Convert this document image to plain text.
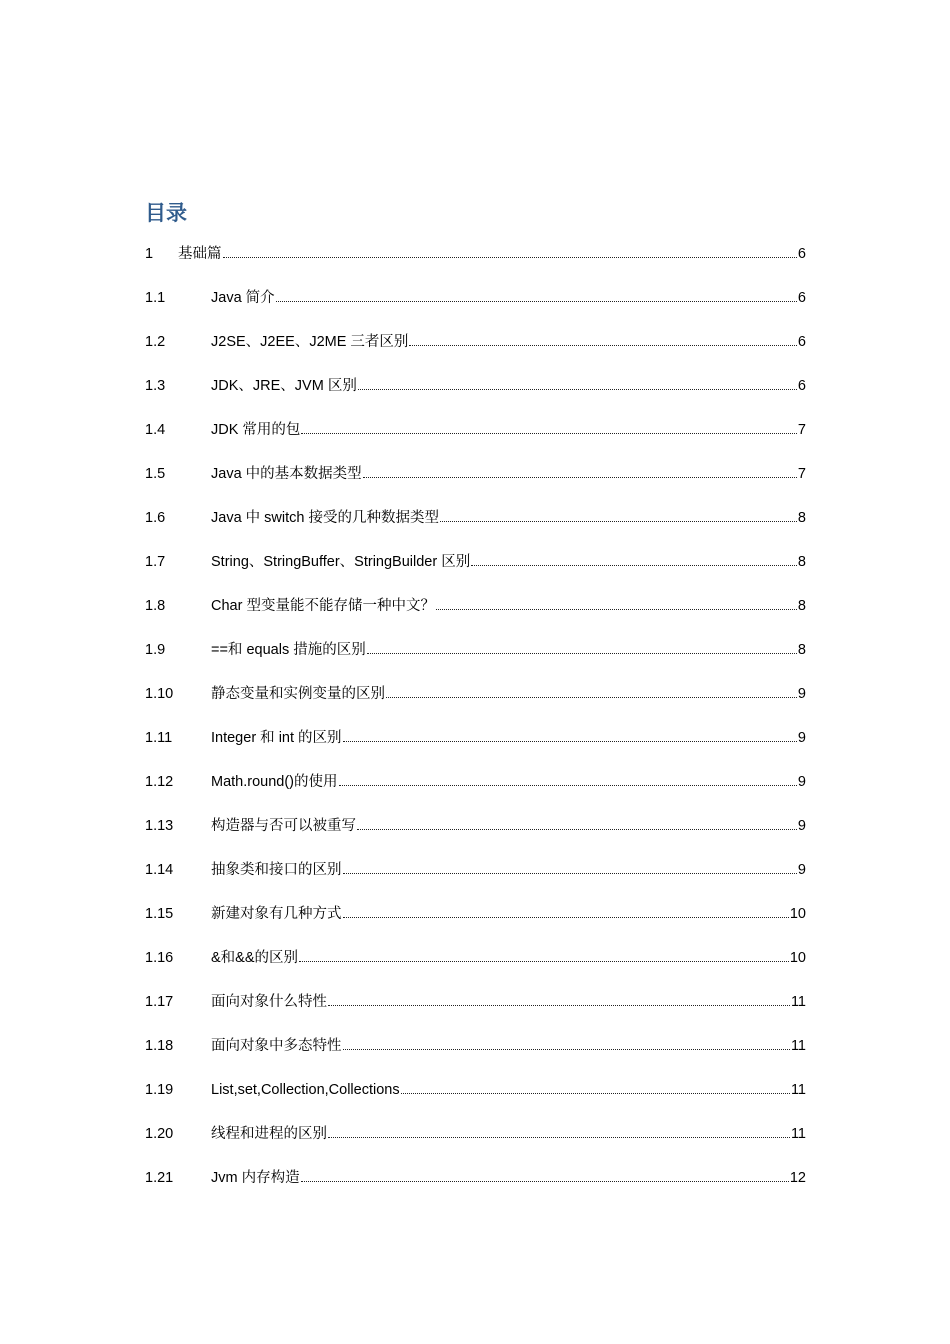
目录
1	基础篇	6
1.1	Java 简介	6
1.2	J2SE、J2EE、J2ME 三者区别	6
1.3	JDK、JRE、JVM 区别	6
1.4	JDK 常用的包	7
1.5	Java 中的基本数据类型	7
1.6	Java 中 switch 接受的几种数据类型	8
1.7	String、StringBuffer、StringBuilder 区别	8
1.8	Char 型变量能不能存储一种中文？	8
1.9	==和 equals 措施的区别	8
1.10	静态变量和实例变量的区别	9
1.11	Integer 和 int 的区别	9
1.12	Math.round()的使用	9
1.13	构造器与否可以被重写	9
1.14	抽象类和接口的区别	9
1.15	新建对象有几种方式	10
1.16	&和&&的区别	10
1.17	面向对象什么特性	11
1.18	面向对象中多态特性	11
1.19	List,set,Collection,Collections	11
1.20	线程和进程的区别	11
1.21	Jvm 内存构造	12
